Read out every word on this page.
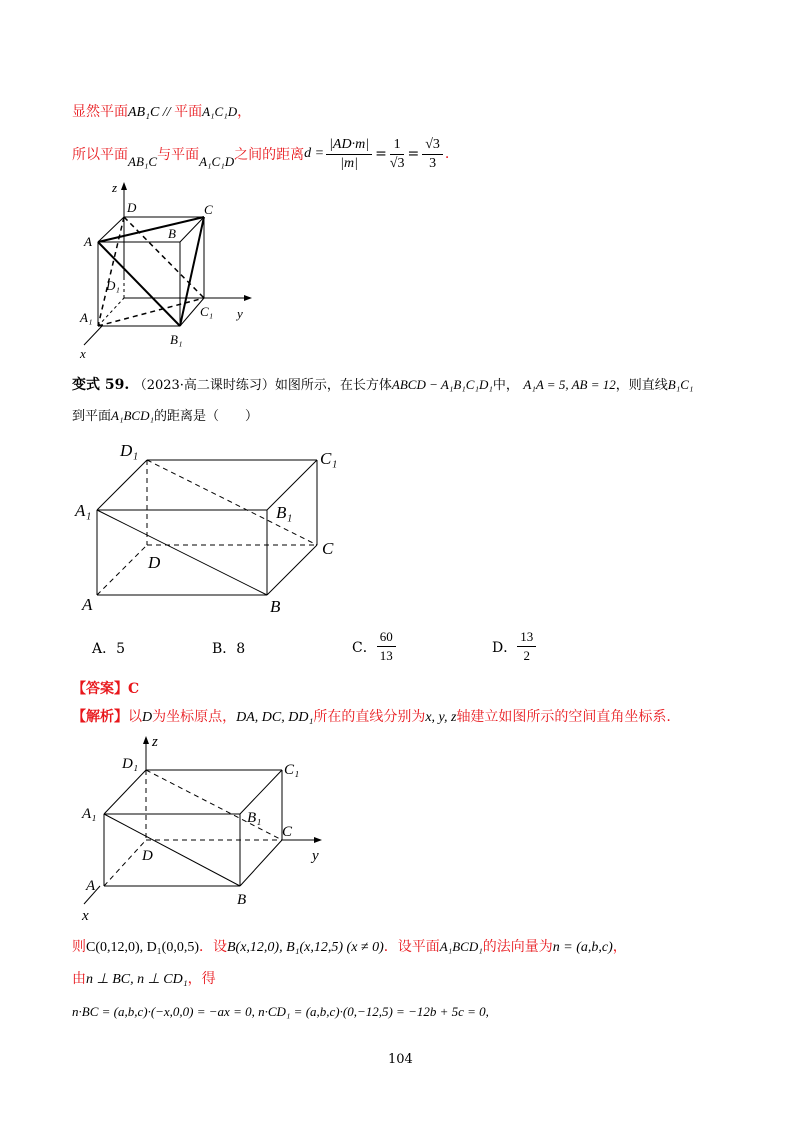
显然平面AB₁C // 平面A₁C₁D，
所以平面 AB₁C 与平面 A₁C₁D 之间的距离 $d = \frac{|AD\cdot m|}{|m|} = \frac{1}{√3} = \frac{√3}{3}$ .
z
D	C
A
B
D₁
A₁	C₁ y
B₁
x
变式 59. （2023·高二课时练习）如图所示，在长方体ABCD − A₁B₁C₁D₁中， A₁A = 5, AB = 12，则直线B₁C₁
到平面A₁BCD₁的距离是（　　）
D₁	C₁
A₁	B₁
C
D
A	B
A．5	B．8	C． $\frac{60}{13}$	D． $\frac{13}{2}$
【答案】C
【解析】以D为坐标原点，DA, DC, DD₁所在的直线分别为x, y, z轴建立如图所示的空间直角坐标系.
z
D₁	C₁
A₁	B₁
C
y
D
A
B
x
则C(0,12,0), D₁(0,0,5)．设B(x,12,0), B₁(x,12,5) (x ≠ 0)．设平面A₁BCD₁的法向量为n = (a,b,c)，
由n ⊥ BC, n ⊥ CD₁，得
n·BC = (a,b,c)·(−x,0,0) = −ax = 0, n·CD₁ = (a,b,c)·(0,−12,5) = −12b + 5c = 0,
104
